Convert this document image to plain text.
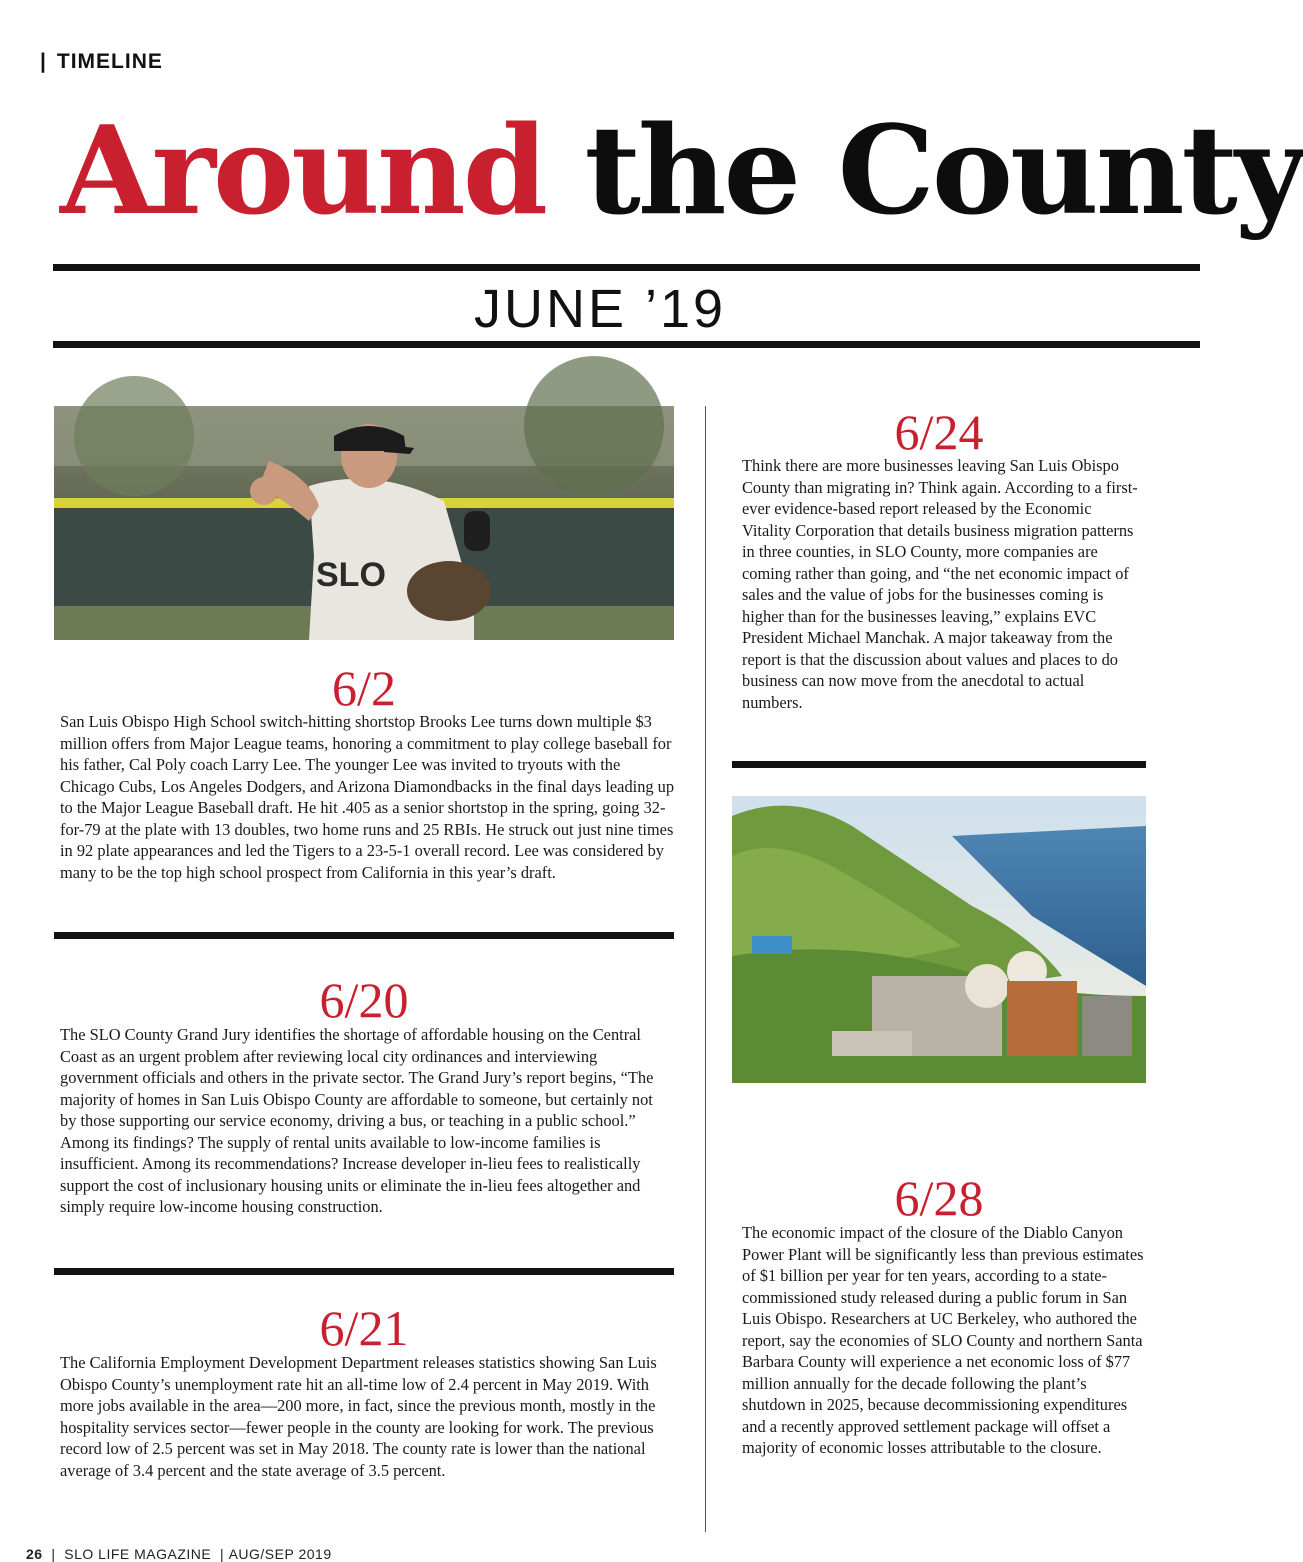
| TIMELINE
Around the County
JUNE ’19
SLO
6/2

San Luis Obispo High School switch-hitting shortstop Brooks Lee turns down multiple $3 million offers from Major League teams, honoring a commitment to play college baseball for his father, Cal Poly coach Larry Lee. The younger Lee was invited to tryouts with the Chicago Cubs, Los Angeles Dodgers, and Arizona Diamondbacks in the final days leading up to the Major League Baseball draft. He hit .405 as a senior shortstop in the spring, going 32-for-79 at the plate with 13 doubles, two home runs and 25 RBIs. He struck out just nine times in 92 plate appearances and led the Tigers to a 23-5-1 overall record. Lee was considered by many to be the top high school prospect from California in this year’s draft.

6/20

The SLO County Grand Jury identifies the shortage of affordable housing on the Central Coast as an urgent problem after reviewing local city ordinances and interviewing government officials and others in the private sector. The Grand Jury’s report begins, “The majority of homes in San Luis Obispo County are affordable to someone, but certainly not by those supporting our service economy, driving a bus, or teaching in a public school.” Among its findings? The supply of rental units available to low-income families is insufficient. Among its recommendations? Increase developer in-lieu fees to realistically support the cost of inclusionary housing units or eliminate the in-lieu fees altogether and simply require low-income housing construction.

6/21

The California Employment Development Department releases statistics showing San Luis Obispo County’s unemployment rate hit an all-time low of 2.4 percent in May 2019. With more jobs available in the area—200 more, in fact, since the previous month, mostly in the hospitality services sector—fewer people in the county are looking for work. The previous record low of 2.5 percent was set in May 2018. The county rate is lower than the national average of 3.4 percent and the state average of 3.5 percent.

6/24

Think there are more businesses leaving San Luis Obispo County than migrating in? Think again. According to a first-ever evidence-based report released by the Economic Vitality Corporation that details business migration patterns in three counties, in SLO County, more companies are coming rather than going, and “the net economic impact of sales and the value of jobs for the businesses coming is higher than for the businesses leaving,” explains EVC President Michael Manchak. A major takeaway from the report is that the discussion about values and places to do business can now move from the anecdotal to actual numbers.

6/28

The economic impact of the closure of the Diablo Canyon Power Plant will be significantly less than previous estimates of $1 billion per year for ten years, according to a state-commissioned study released during a public forum in San Luis Obispo. Researchers at UC Berkeley, who authored the report, say the economies of SLO County and northern Santa Barbara County will experience a net economic loss of $77 million annually for the decade following the plant’s shutdown in 2025, because decommissioning expenditures and a recently approved settlement package will offset a majority of economic losses attributable to the closure.

26  |  SLO LIFE MAGAZINE  | AUG/SEP 2019
